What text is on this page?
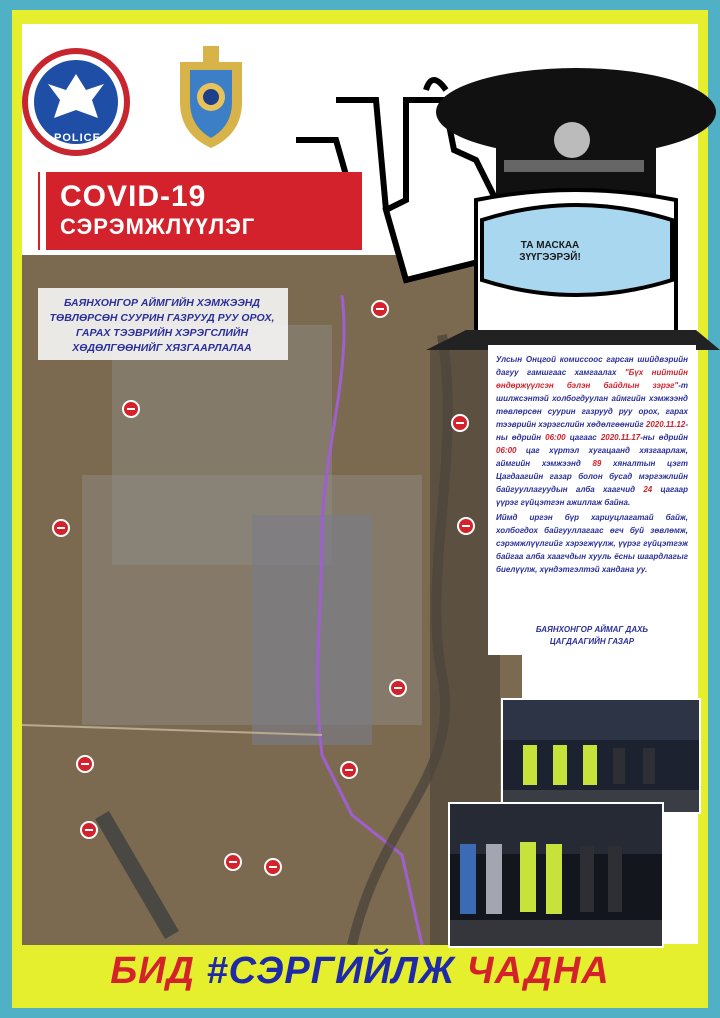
POLICE
ТА МАСКАА
ЗҮҮГЭЭРЭЙ!
COVID-19
СЭРЭМЖЛҮҮЛЭГ
БАЯНХОНГОР АЙМГИЙН ХЭМЖЭЭНД ТӨВЛӨРСӨН СУУРИН ГАЗРУУД РУУ ОРОХ, ГАРАХ ТЭЭВРИЙН ХЭРЭГСЛИЙН ХӨДӨЛГӨӨНИЙГ ХЯЗГААРЛАЛАА
Улсын Онцгой комиссоос гарсан шийдвэрийн дагуу гамшгаас хамгаалах "Бүх нийтийн өндөржүүлсэн бэлэн байдлын зэрэг"-т шилжсэнтэй холбогдуулан аймгийн хэмжээнд төвлөрсөн суурин газрууд руу орох, гарах тээврийн хэрэгслийн хөдөлгөөнийг 2020.11.12-ны өдрийн 06:00 цагаас 2020.11.17-ны өдрийн 06:00 цаг хүртэл хугацаанд хязгаарлаж, аймгийн хэмжээнд 89 хяналтын цэгт Цагдаагийн газар болон бусад мэргэжлийн байгууллагуудын алба хаагчид 24 цагаар үүрэг гүйцэтгэн ажиллаж байна.
Иймд иргэн бүр хариуцлагатай байж, холбогдох байгууллагаас өгч буй зөвлөмж, сэрэмжлүүлгийг хэрэгжүүлж, үүрэг гүйцэтгэж байгаа алба хаагчдын хууль ёсны шаардлагыг биелүүлж, хүндэтгэлтэй хандана уу.
БАЯНХОНГОР АЙМАГ ДАХЬ
ЦАГДААГИЙН ГАЗАР
БИД #СЭРГИЙЛЖ ЧАДНА
